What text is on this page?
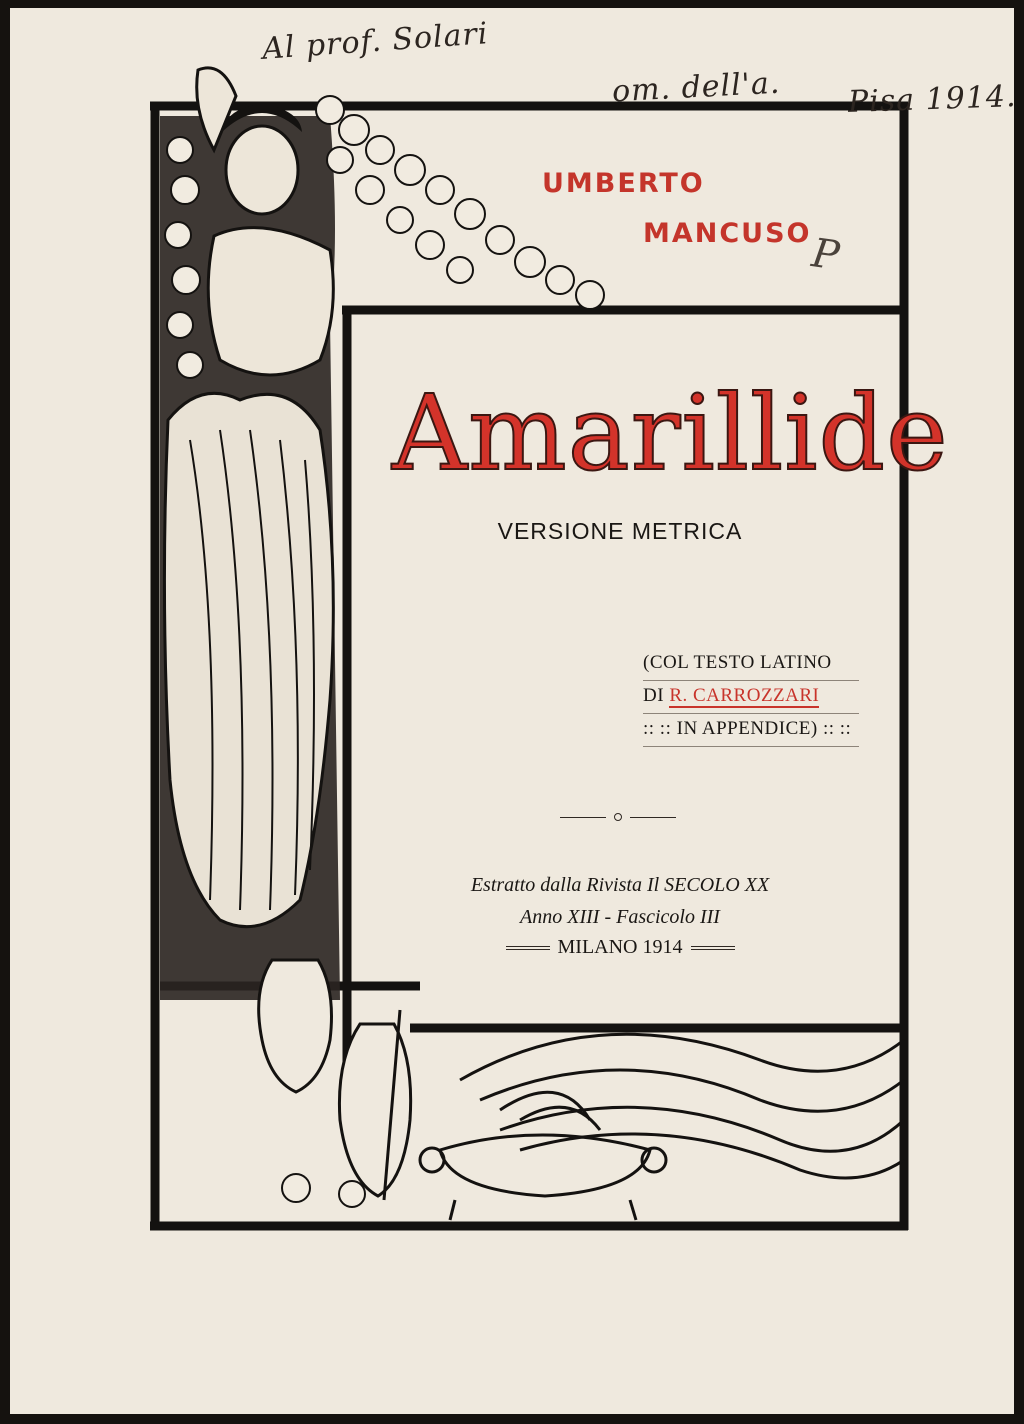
Al prof. Solari
om. dell'a. Pisa 1914.
P
UMBERTO
MANCUSO
Amarillide
VERSIONE METRICA
(COL TESTO LATINO
DI R. CARROZZARI
:: :: IN APPENDICE) :: ::
Estratto dalla Rivista Il SECOLO XX
Anno XIII - Fascicolo III
MILANO 1914
